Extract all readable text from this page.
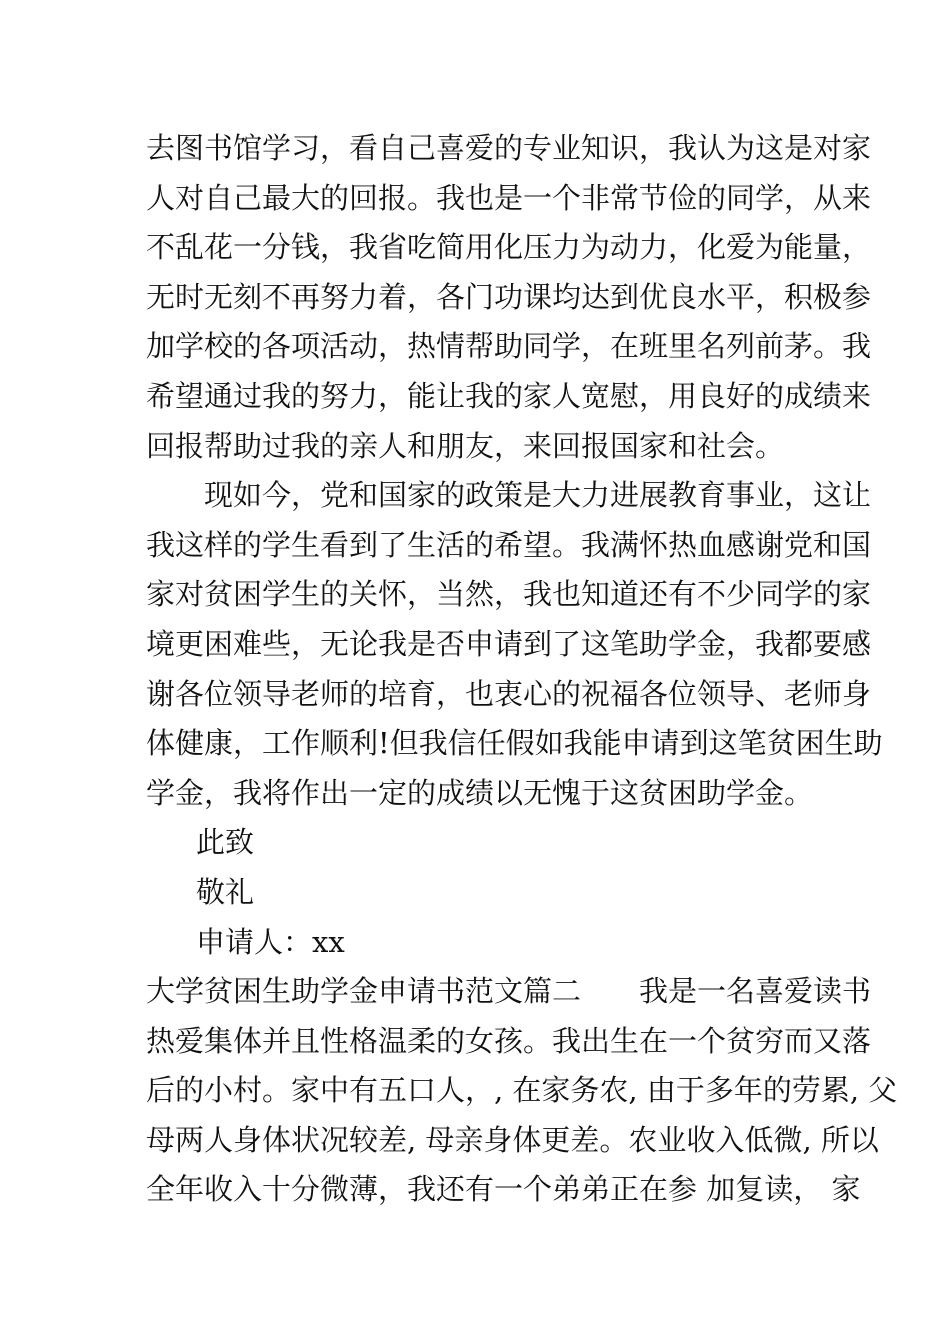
去图书馆学习，看自己喜爱的专业知识，我认为这是对家
人对自己最大的回报。我也是一个非常节俭的同学，从来
不乱花一分钱，我省吃简用化压力为动力，化爱为能量，
无时无刻不再努力着，各门功课均达到优良水平，积极参
加学校的各项活动，热情帮助同学，在班里名列前茅。我
希望通过我的努力，能让我的家人宽慰，用良好的成绩来
回报帮助过我的亲人和朋友，来回报国家和社会。
现如今，党和国家的政策是大力进展教育事业，这让
我这样的学生看到了生活的希望。我满怀热血感谢党和国
家对贫困学生的关怀，当然，我也知道还有不少同学的家
境更困难些，无论我是否申请到了这笔助学金，我都要感
谢各位领导老师的培育，也衷心的祝福各位领导、老师身
体健康，工作顺利!但我信任假如我能申请到这笔贫困生助
学金，我将作出一定的成绩以无愧于这贫困助学金。
此致
敬礼
申请人：xx
大学贫困生助学金申请书范文篇二　　我是一名喜爱读书
热爱集体并且性格温柔的女孩。我出生在一个贫穷而又落
后的小村。家中有五口人，, 在家务农, 由于多年的劳累, 父
母两人身体状况较差, 母亲身体更差。农业收入低微, 所以
全年收入十分微薄，我还有一个弟弟正在参 加复读， 家
